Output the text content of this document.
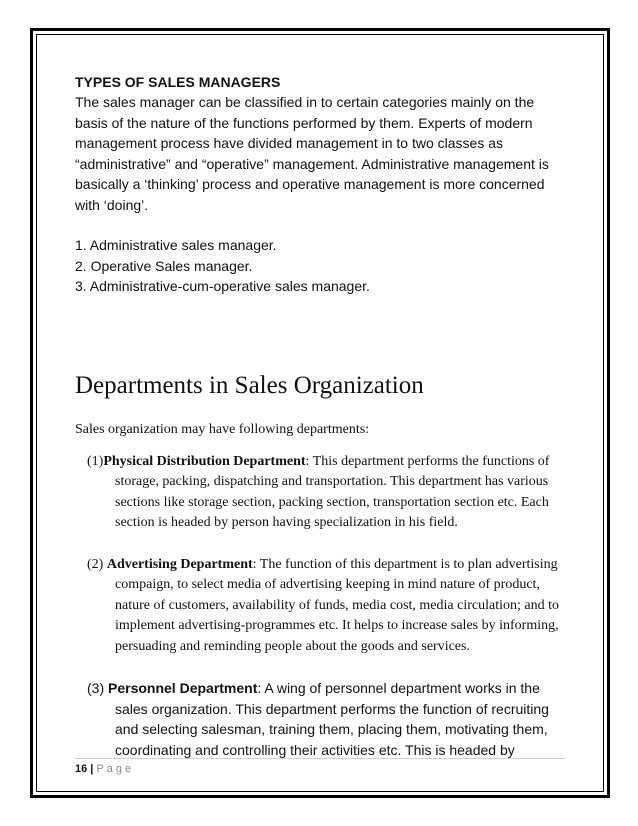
TYPES OF SALES MANAGERS

The sales manager can be classified in to certain categories mainly on the basis of the nature of the functions performed by them. Experts of modern management process have divided management in to two classes as “administrative” and “operative” management. Administrative management is basically a ‘thinking’ process and operative management is more concerned with ‘doing’.

1. Administrative sales manager.
2. Operative Sales manager.
3. Administrative-cum-operative sales manager.
Departments in Sales Organization

Sales organization may have following departments:

(1)Physical Distribution Department: This department performs the functions of storage, packing, dispatching and transportation. This department has various sections like storage section, packing section, transportation section etc. Each section is headed by person having specialization in his field.

(2) Advertising Department: The function of this department is to plan advertising compaign, to select media of advertising keeping in mind nature of product, nature of customers, availability of funds, media cost, media circulation; and to implement advertising-programmes etc. It helps to increase sales by informing, persuading and reminding people about the goods and services.

(3) Personnel Department: A wing of personnel department works in the sales organization. This department performs the function of recruiting and selecting salesman, training them, placing them, motivating them, coordinating and controlling their activities etc. This is headed by

16 | Page
